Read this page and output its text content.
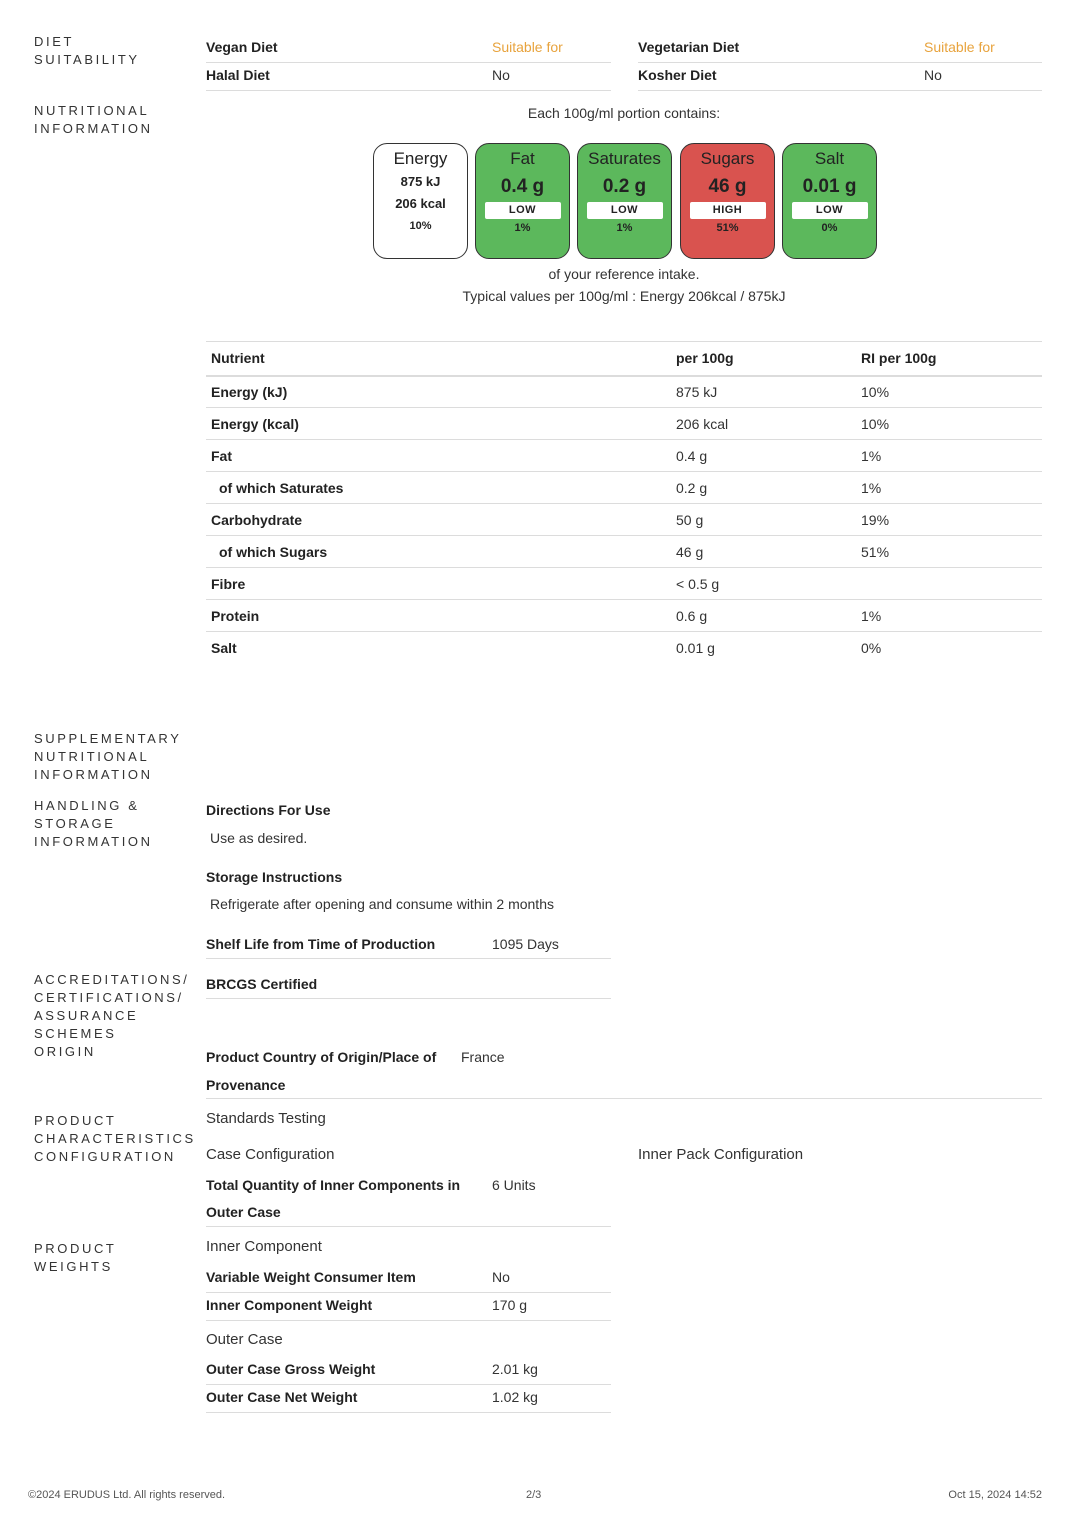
DIET
SUITABILITY
NUTRITIONAL
INFORMATION
SUPPLEMENTARY
NUTRITIONAL
INFORMATION
HANDLING &
STORAGE
INFORMATION
ACCREDITATIONS/
CERTIFICATIONS/
ASSURANCE
SCHEMES
ORIGIN
PRODUCT
CHARACTERISTICS
CONFIGURATION
PRODUCT
WEIGHTS
Vegan Diet	Suitable for	Vegetarian Diet	Suitable for
Halal Diet	No	Kosher Diet	No
Each 100g/ml portion contains:
Energy
875 kJ
206 kcal
10%
Fat
0.4 g
LOW
1%
Saturates
0.2 g
LOW
1%
Sugars
46 g
HIGH
51%
Salt
0.01 g
LOW
0%
of your reference intake.
Typical values per 100g/ml : Energy 206kcal / 875kJ
Nutrient	per 100g	RI per 100g
Energy (kJ)	875 kJ	10%
Energy (kcal)	206 kcal	10%
Fat	0.4 g	1%
of which Saturates	0.2 g	1%
Carbohydrate	50 g	19%
of which Sugars	46 g	51%
Fibre	< 0.5 g	
Protein	0.6 g	1%
Salt	0.01 g	0%
Directions For Use
Use as desired.
Storage Instructions
Refrigerate after opening and consume within 2 months
Shelf Life from Time of Production	1095 Days
BRCGS Certified
Product Country of Origin/Place of
Provenance
France
Standards Testing
Case Configuration	Inner Pack Configuration
Total Quantity of Inner Components in
Outer Case
6 Units
Inner Component
Variable Weight Consumer Item	No
Inner Component Weight	170 g
Outer Case
Outer Case Gross Weight	2.01 kg
Outer Case Net Weight	1.02 kg
©2024 ERUDUS Ltd. All rights reserved.	2/3	Oct 15, 2024 14:52
